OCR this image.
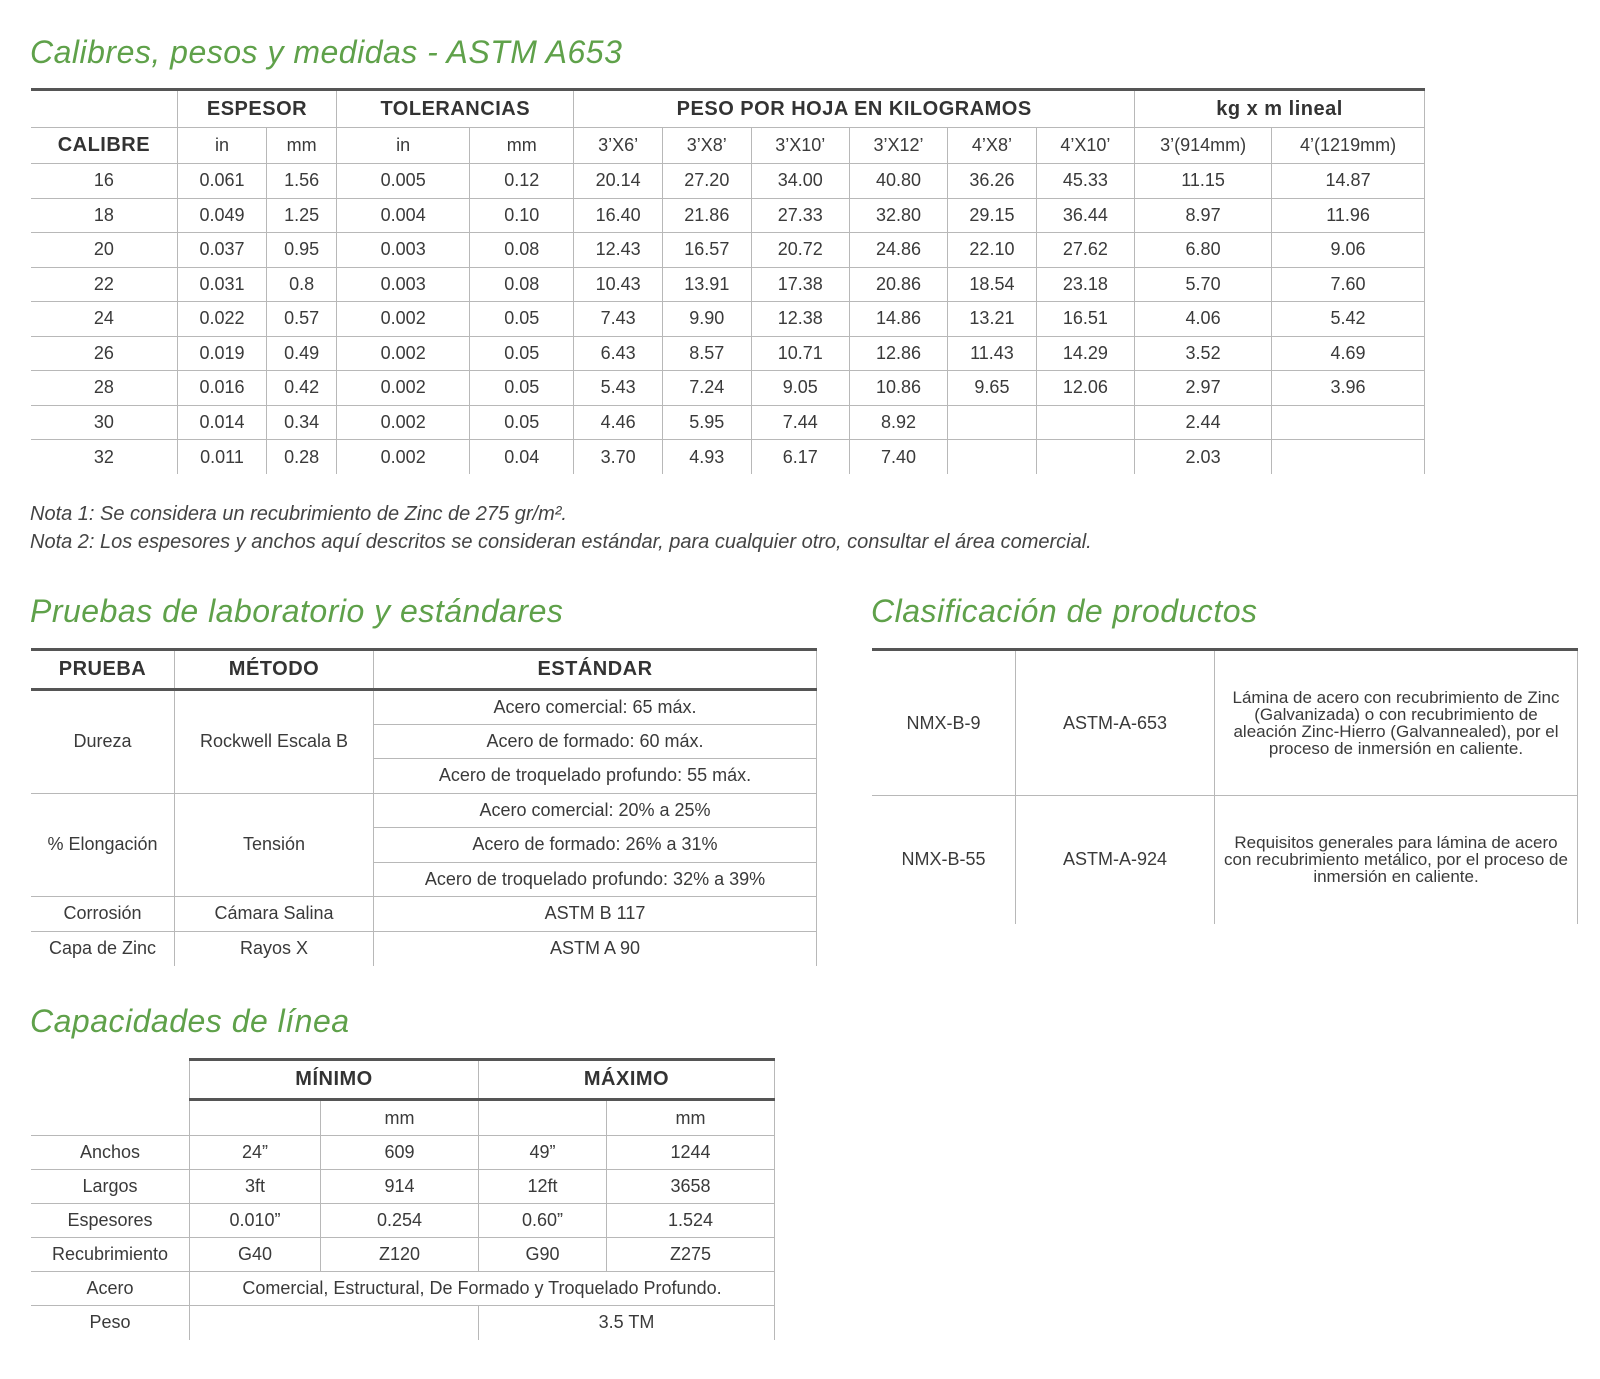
Calibres, pesos y medidas - ASTM A653
	ESPESOR		TOLERANCIAS		PESO POR HOJA EN KILOGRAMOS						kg x m lineal	
CALIBRE	in	mm	in	mm	3’X6’	3’X8’	3’X10’	3’X12’	4’X8’	4’X10’	3’(914mm)	4’(1219mm)
16	0.061	1.56	0.005	0.12	20.14	27.20	34.00	40.80	36.26	45.33	11.15	14.87
18	0.049	1.25	0.004	0.10	16.40	21.86	27.33	32.80	29.15	36.44	8.97	11.96
20	0.037	0.95	0.003	0.08	12.43	16.57	20.72	24.86	22.10	27.62	6.80	9.06
22	0.031	0.8	0.003	0.08	10.43	13.91	17.38	20.86	18.54	23.18	5.70	7.60
24	0.022	0.57	0.002	0.05	7.43	9.90	12.38	14.86	13.21	16.51	4.06	5.42
26	0.019	0.49	0.002	0.05	6.43	8.57	10.71	12.86	11.43	14.29	3.52	4.69
28	0.016	0.42	0.002	0.05	5.43	7.24	9.05	10.86	9.65	12.06	2.97	3.96
30	0.014	0.34	0.002	0.05	4.46	5.95	7.44	8.92			2.44	
32	0.011	0.28	0.002	0.04	3.70	4.93	6.17	7.40			2.03	

Nota 1: Se considera un recubrimiento de Zinc de 275 gr/m².

Nota 2: Los espesores y anchos aquí descritos se consideran estándar, para cualquier otro, consultar el área comercial.

Pruebas de laboratorio y estándares
PRUEBA	MÉTODO	ESTÁNDAR
Dureza	Rockwell Escala B	Acero comercial: 65 máx.
		Acero de formado: 60 máx.
		Acero de troquelado profundo: 55 máx.
% Elongación	Tensión	Acero comercial: 20% a 25%
		Acero de formado: 26% a 31%
		Acero de troquelado profundo: 32% a 39%
Corrosión	Cámara Salina	ASTM B 117
Capa de Zinc	Rayos X	ASTM A 90
Clasificación de productos
NMX-B-9	ASTM-A-653	Lámina de acero con recubrimiento de Zinc (Galvanizada) o con recubrimiento de aleación Zinc-Hierro (Galvannealed), por el proceso de inmersión en caliente.

NMX-B-55	ASTM-A-924	Requisitos generales para lámina de acero con recubrimiento metálico, por el proceso de inmersión en caliente.
Capacidades de línea
	MÍNIMO		MÁXIMO	
		mm		mm
Anchos	24”	609	49”	1244
Largos	3ft	914	12ft	3658
Espesores	0.010”	0.254	0.60”	1.524
Recubrimiento	G40	Z120	G90	Z275
Acero	Comercial, Estructural, De Formado y Troquelado Profundo.			
Peso			3.5 TM	
